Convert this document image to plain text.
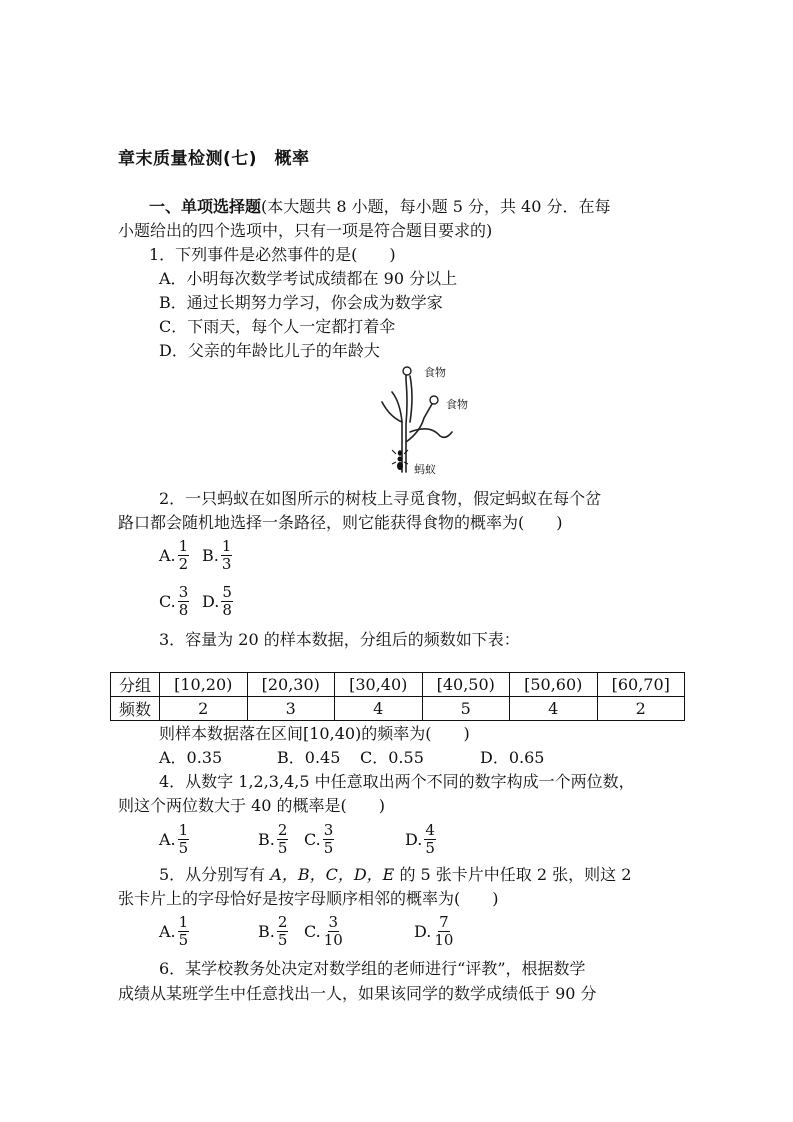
章末质量检测(七)　概率
一、单项选择题(本大题共 8 小题，每小题 5 分，共 40 分．在每
小题给出的四个选项中，只有一项是符合题目要求的)
1．下列事件是必然事件的是(　　)
A．小明每次数学考试成绩都在 90 分以上
B．通过长期努力学习，你会成为数学家
C．下雨天，每个人一定都打着伞
D．父亲的年龄比儿子的年龄大
食物
食物
蚂蚁
2．一只蚂蚁在如图所示的树枝上寻觅食物，假定蚂蚁在每个岔
路口都会随机地选择一条路径，则它能获得食物的概率为(　　)
A. $\frac{1}{2} B$. $\frac{1}{3}$
C. $\frac{3}{8} D$. $\frac{5}{8}$
3．容量为 20 的样本数据，分组后的频数如下表：
分组	[10,20)	[20,30)	[30,40)	[40,50)	[50,60)	[60,70]
频数	2	3	4	5	4	2
则样本数据落在区间[10,40)的频率为(　　)
A．0.35	B．0.45 C．0.55	D．0.65
4．从数字 1,2,3,4,5 中任意取出两个不同的数字构成一个两位数，
则这个两位数大于 40 的概率是(　　)
A. $\frac{1}{5}$	B. $\frac{2}{5} C$. $\frac{3}{5}$	D. $\frac{4}{5}$
5．从分别写有 A，B，C，D，E 的 5 张卡片中任取 2 张，则这 2
张卡片上的字母恰好是按字母顺序相邻的概率为(　　)
A. $\frac{1}{5}$	B. $\frac{2}{5} C$. $\frac{3}{10}$	D. $\frac{7}{10}$
6．某学校教务处决定对数学组的老师进行“评教”，根据数学
成绩从某班学生中任意找出一人，如果该同学的数学成绩低于 90 分
